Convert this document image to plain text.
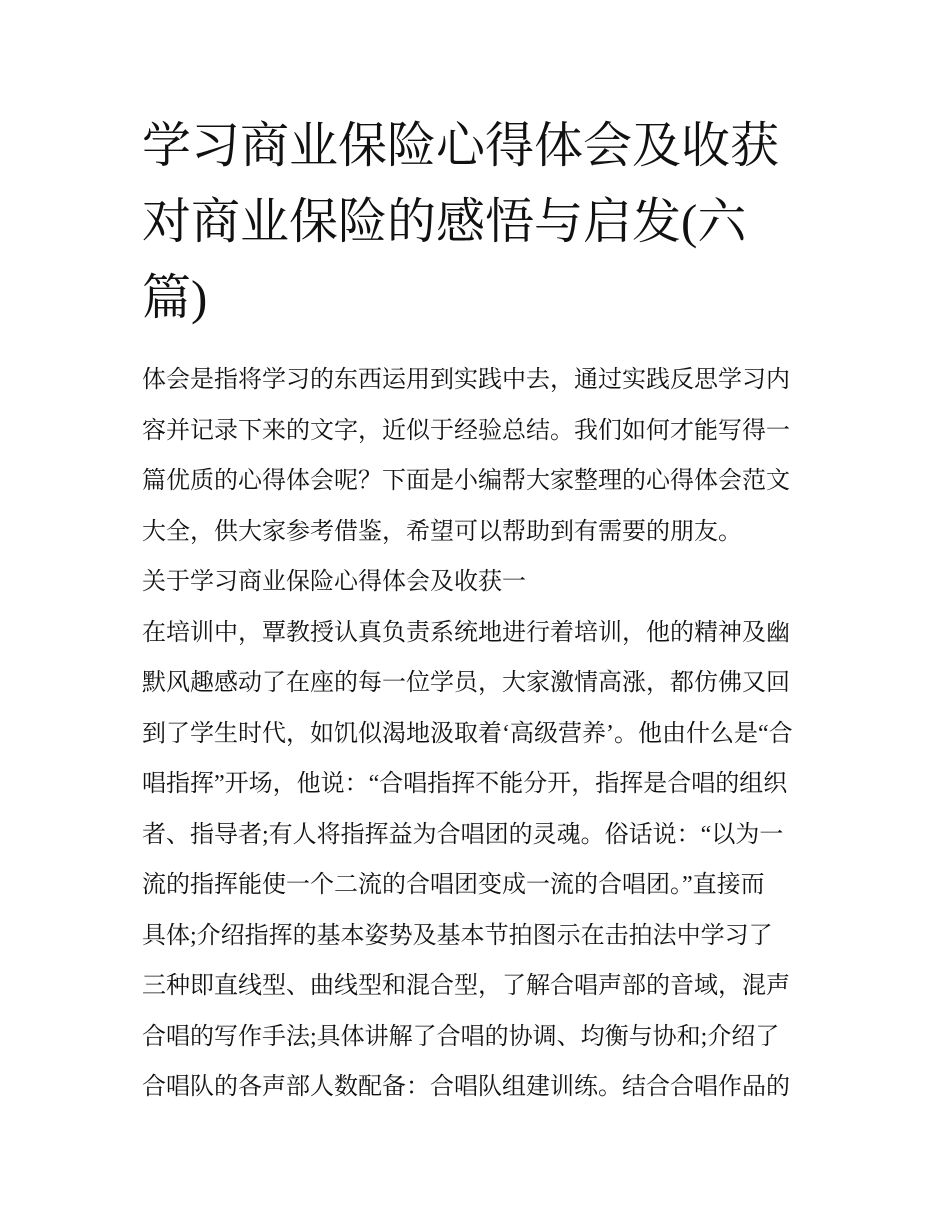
学习商业保险心得体会及收获
对商业保险的感悟与启发(六
篇)
体会是指将学习的东西运用到实践中去，通过实践反思学习内
容并记录下来的文字，近似于经验总结。我们如何才能写得一
篇优质的心得体会呢？下面是小编帮大家整理的心得体会范文
大全，供大家参考借鉴，希望可以帮助到有需要的朋友。
关于学习商业保险心得体会及收获一
在培训中，覃教授认真负责系统地进行着培训，他的精神及幽
默风趣感动了在座的每一位学员，大家激情高涨，都仿佛又回
到了学生时代，如饥似渴地汲取着‘高级营养’。他由什么是“合
唱指挥”开场，他说：“合唱指挥不能分开，指挥是合唱的组织
者、指导者;有人将指挥益为合唱团的灵魂。俗话说：“以为一
流的指挥能使一个二流的合唱团变成一流的合唱团。”直接而
具体;介绍指挥的基本姿势及基本节拍图示在击拍法中学习了
三种即直线型、曲线型和混合型，了解合唱声部的音域，混声
合唱的写作手法;具体讲解了合唱的协调、均衡与协和;介绍了
合唱队的各声部人数配备：合唱队组建训练。结合合唱作品的
